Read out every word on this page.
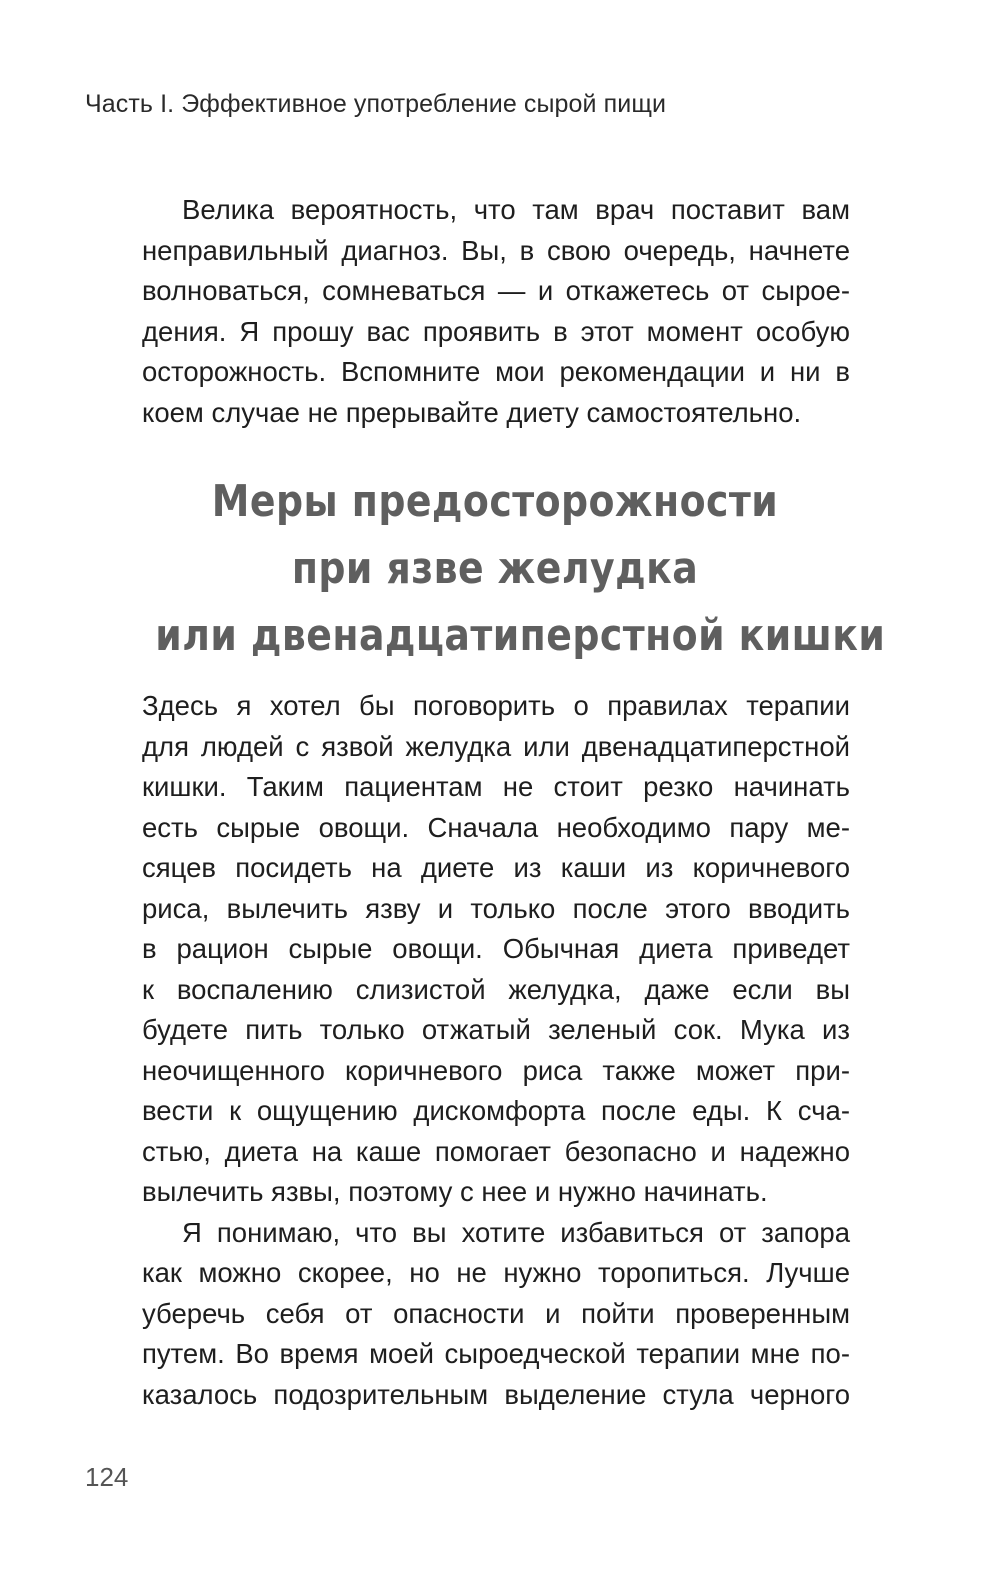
Часть I. Эффективное употребление сырой пищи
Велика вероятность, что там врач поставит вам
неправильный диагноз. Вы, в свою очередь, начнете
волноваться, сомневаться — и откажетесь от сырое-
дения. Я прошу вас проявить в этот момент особую
осторожность. Вспомните мои рекомендации и ни в
коем случае не прерывайте диету самостоятельно.
Меры предосторожности
при язве желудка
или двенадцатиперстной кишки
Здесь я хотел бы поговорить о правилах терапии
для людей с язвой желудка или двенадцатиперстной
кишки. Таким пациентам не стоит резко начинать
есть сырые овощи. Сначала необходимо пару ме-
сяцев посидеть на диете из каши из коричневого
риса, вылечить язву и только после этого вводить
в рацион сырые овощи. Обычная диета приведет
к воспалению слизистой желудка, даже если вы
будете пить только отжатый зеленый сок. Мука из
неочищенного коричневого риса также может при-
вести к ощущению дискомфорта после еды. К сча-
стью, диета на каше помогает безопасно и надежно
вылечить язвы, поэтому с нее и нужно начинать.
Я понимаю, что вы хотите избавиться от запора
как можно скорее, но не нужно торопиться. Лучше
уберечь себя от опасности и пойти проверенным
путем. Во время моей сыроедческой терапии мне по-
казалось подозрительным выделение стула черного
124
